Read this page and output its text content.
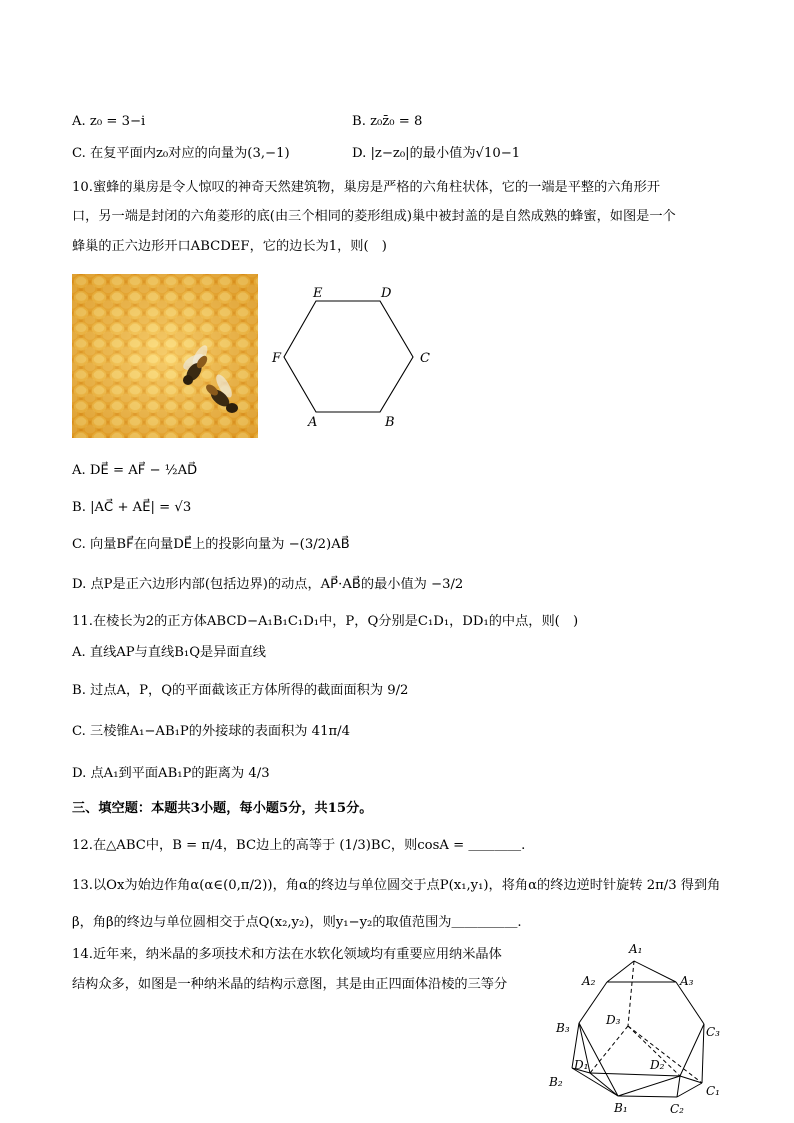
A. z₀ = 3−i	B. z₀z̄₀ = 8
C. 在复平面内z₀对应的向量为(3,−1)	D. |z−z₀|的最小值为√10−1
10.蜜蜂的巢房是令人惊叹的神奇天然建筑物，巢房是严格的六角柱状体，它的一端是平整的六角形开
口，另一端是封闭的六角菱形的底(由三个相同的菱形组成)巢中被封盖的是自然成熟的蜂蜜，如图是一个
蜂巢的正六边形开口ABCDEF，它的边长为1，则(　)
A	B
C
D
E
F
A. DE⃗ = AF⃗ − ½AD⃗
B. |AC⃗ + AE⃗| = √3
C. 向量BF⃗在向量DE⃗上的投影向量为 −(3/2)AB⃗
D. 点P是正六边形内部(包括边界)的动点，AP⃗·AB⃗的最小值为 −3/2
11.在棱长为2的正方体ABCD−A₁B₁C₁D₁中，P，Q分别是C₁D₁，DD₁的中点，则(　)
A. 直线AP与直线B₁Q是异面直线
B. 过点A，P，Q的平面截该正方体所得的截面面积为 9/2
C. 三棱锥A₁−AB₁P的外接球的表面积为 41π/4
D. 点A₁到平面AB₁P的距离为 4/3
三、填空题：本题共3小题，每小题5分，共15分。
12.在△ABC中，B = π/4，BC边上的高等于 (1/3)BC，则cosA = ＿＿＿＿.
13.以Ox为始边作角α(α∈(0,π/2))，角α的终边与单位圆交于点P(x₁,y₁)，将角α的终边逆时针旋转 2π/3 得到角
β，角β的终边与单位圆相交于点Q(x₂,y₂)，则y₁−y₂的取值范围为＿＿＿＿＿.
14.近年来，纳米晶的多项技术和方法在水软化领域均有重要应用纳米晶体
结构众多，如图是一种纳米晶的结构示意图，其是由正四面体沿棱的三等分
A₁
A₂	A₃
B₃
D₃
C₃
D₁	D₂
B₂
C₁
B₁	C₂
